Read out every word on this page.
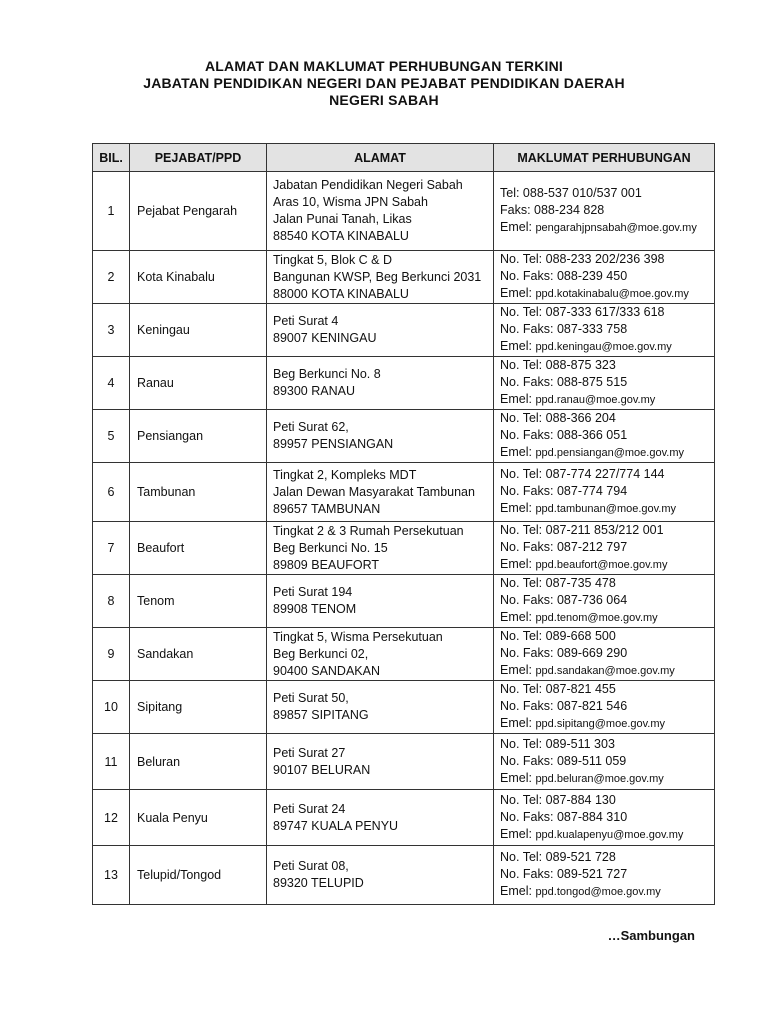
ALAMAT DAN MAKLUMAT PERHUBUNGAN TERKINI
JABATAN PENDIDIKAN NEGERI DAN PEJABAT PENDIDIKAN DAERAH
NEGERI SABAH
BIL.	PEJABAT/PPD	ALAMAT	MAKLUMAT PERHUBUNGAN
1	Pejabat Pengarah	Jabatan Pendidikan Negeri Sabah
Aras 10, Wisma JPN Sabah
Jalan Punai Tanah, Likas
88540 KOTA KINABALU	Tel: 088-537 010/537 001
Faks: 088-234 828
Emel: pengarahjpnsabah@moe.gov.my

2	Kota Kinabalu	Tingkat 5, Blok C & D
Bangunan KWSP, Beg Berkunci 2031
88000 KOTA KINABALU	No. Tel: 088-233 202/236 398
No. Faks: 088-239 450
Emel: ppd.kotakinabalu@moe.gov.my

3	Keningau	Peti Surat 4
89007 KENINGAU	No. Tel: 087-333 617/333 618
No. Faks: 087-333 758
Emel: ppd.keningau@moe.gov.my

4	Ranau	Beg Berkunci No. 8
89300 RANAU	No. Tel: 088-875 323
No. Faks: 088-875 515
Emel: ppd.ranau@moe.gov.my

5	Pensiangan	Peti Surat 62,
89957 PENSIANGAN	No. Tel: 088-366 204
No. Faks: 088-366 051
Emel: ppd.pensiangan@moe.gov.my

6	Tambunan	Tingkat 2, Kompleks MDT
Jalan Dewan Masyarakat Tambunan
89657 TAMBUNAN	No. Tel: 087-774 227/774 144
No. Faks: 087-774 794
Emel: ppd.tambunan@moe.gov.my

7	Beaufort	Tingkat 2 & 3 Rumah Persekutuan
Beg Berkunci No. 15
89809 BEAUFORT	No. Tel: 087-211 853/212 001
No. Faks: 087-212 797
Emel: ppd.beaufort@moe.gov.my

8	Tenom	Peti Surat 194
89908 TENOM	No. Tel: 087-735 478
No. Faks: 087-736 064
Emel: ppd.tenom@moe.gov.my

9	Sandakan	Tingkat 5, Wisma Persekutuan
Beg Berkunci 02,
90400 SANDAKAN	No. Tel: 089-668 500
No. Faks: 089-669 290
Emel: ppd.sandakan@moe.gov.my

10	Sipitang	Peti Surat 50,
89857 SIPITANG	No. Tel: 087-821 455
No. Faks: 087-821 546
Emel: ppd.sipitang@moe.gov.my

11	Beluran	Peti Surat 27
90107 BELURAN	No. Tel: 089-511 303
No. Faks: 089-511 059
Emel: ppd.beluran@moe.gov.my

12	Kuala Penyu	Peti Surat 24
89747 KUALA PENYU	No. Tel: 087-884 130
No. Faks: 087-884 310
Emel: ppd.kualapenyu@moe.gov.my

13	Telupid/Tongod	Peti Surat 08,
89320 TELUPID	No. Tel: 089-521 728
No. Faks: 089-521 727
Emel: ppd.tongod@moe.gov.my
…Sambungan
